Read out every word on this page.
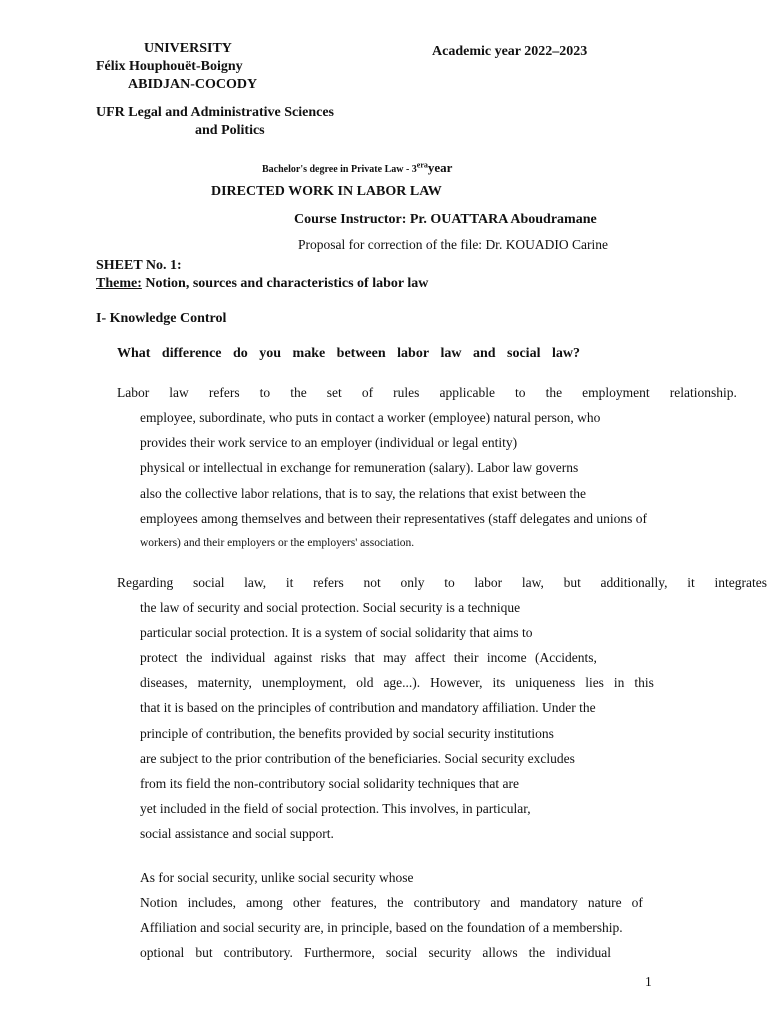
UNIVERSITY
Félix Houphouët-Boigny
ABIDJAN-COCODY
Academic year 2022–2023
UFR Legal and Administrative Sciences
and Politics
Bachelor's degree in Private Law - $3^{era}year$
DIRECTED WORK IN LABOR LAW
Course Instructor: Pr. OUATTARA Aboudramane
Proposal for correction of the file: Dr. KOUADIO Carine
SHEET No. 1:
Theme: Notion, sources and characteristics of labor law
I- Knowledge Control
What difference do you make between labor law and social law?
Labor law refers to the set of rules applicable to the employment relationship.
employee, subordinate, who puts in contact a worker (employee) natural person, who
provides their work service to an employer (individual or legal entity)
physical or intellectual in exchange for remuneration (salary). Labor law governs
also the collective labor relations, that is to say, the relations that exist between the
employees among themselves and between their representatives (staff delegates and unions of
workers) and their employers or the employers' association.
Regarding social law, it refers not only to labor law, but additionally, it integrates
the law of security and social protection. Social security is a technique
particular social protection. It is a system of social solidarity that aims to
protect the individual against risks that may affect their income (Accidents,
diseases, maternity, unemployment, old age...). However, its uniqueness lies in this
that it is based on the principles of contribution and mandatory affiliation. Under the
principle of contribution, the benefits provided by social security institutions
are subject to the prior contribution of the beneficiaries. Social security excludes
from its field the non-contributory social solidarity techniques that are
yet included in the field of social protection. This involves, in particular,
social assistance and social support.
As for social security, unlike social security whose
Notion includes, among other features, the contributory and mandatory nature of
Affiliation and social security are, in principle, based on the foundation of a membership.
optional but contributory. Furthermore, social security allows the individual
1
